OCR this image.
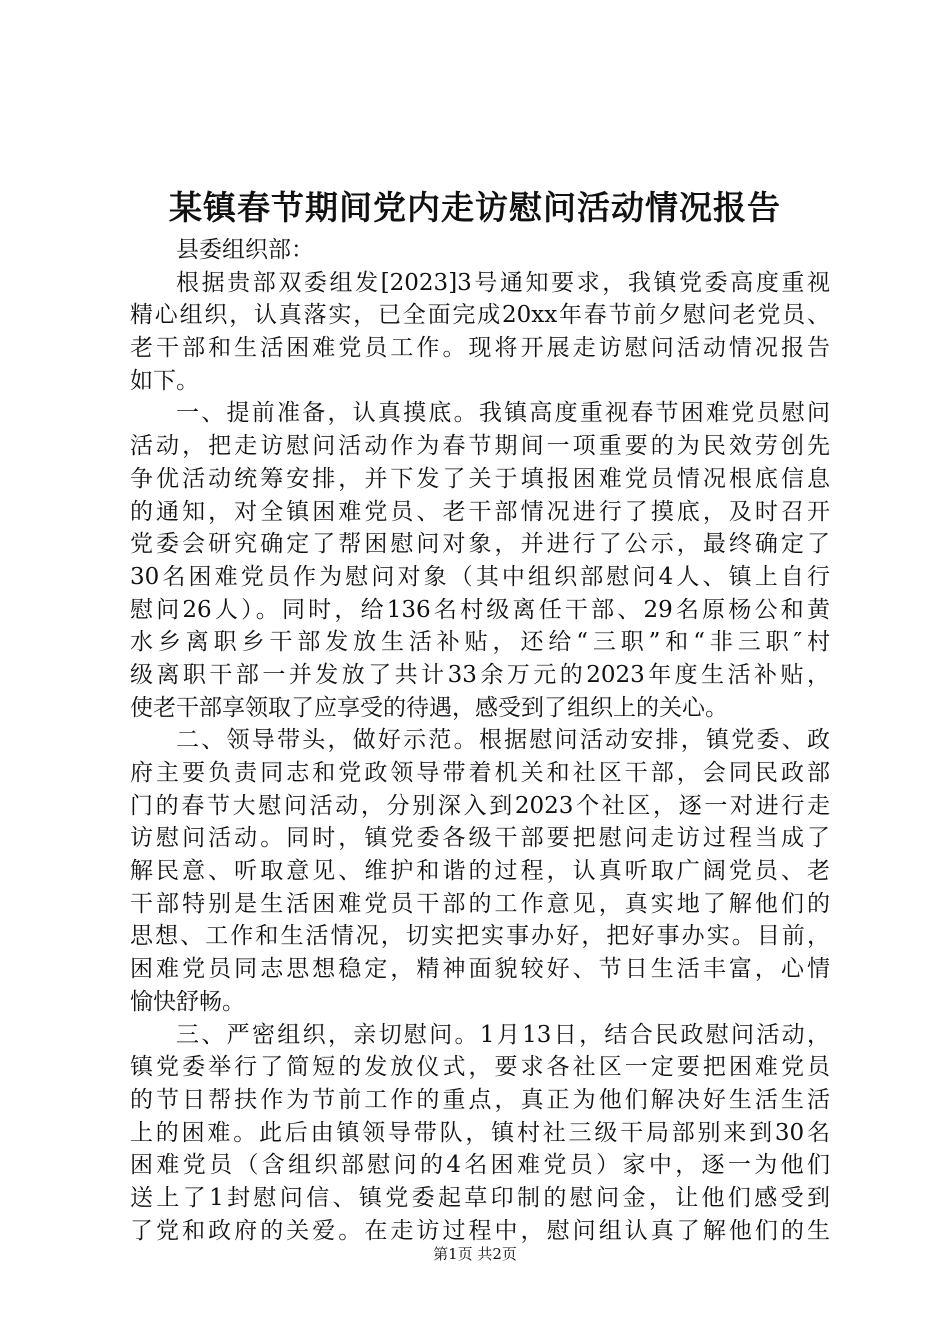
某镇春节期间党内走访慰问活动情况报告
县委组织部：
根据贵部双委组发[2023]3号通知要求，我镇党委高度重视
精心组织，认真落实，已全面完成20xx年春节前夕慰问老党员、
老干部和生活困难党员工作。现将开展走访慰问活动情况报告
如下。
一、提前准备，认真摸底。我镇高度重视春节困难党员慰问
活动，把走访慰问活动作为春节期间一项重要的为民效劳创先
争优活动统筹安排，并下发了关于填报困难党员情况根底信息
的通知，对全镇困难党员、老干部情况进行了摸底，及时召开
党委会研究确定了帮困慰问对象，并进行了公示，最终确定了
30名困难党员作为慰问对象（其中组织部慰问4人、镇上自行
慰问26人）。同时，给136名村级离任干部、29名原杨公和黄
水乡离职乡干部发放生活补贴，还给“三职”和“非三职″村
级离职干部一并发放了共计33余万元的2023年度生活补贴，
使老干部享领取了应享受的待遇，感受到了组织上的关心。
二、领导带头，做好示范。根据慰问活动安排，镇党委、政
府主要负责同志和党政领导带着机关和社区干部，会同民政部
门的春节大慰问活动，分别深入到2023个社区，逐一对进行走
访慰问活动。同时，镇党委各级干部要把慰问走访过程当成了
解民意、听取意见、维护和谐的过程，认真听取广阔党员、老
干部特别是生活困难党员干部的工作意见，真实地了解他们的
思想、工作和生活情况，切实把实事办好，把好事办实。目前，
困难党员同志思想稳定，精神面貌较好、节日生活丰富，心情
愉快舒畅。
三、严密组织，亲切慰问。1月13日，结合民政慰问活动，
镇党委举行了简短的发放仪式，要求各社区一定要把困难党员
的节日帮扶作为节前工作的重点，真正为他们解决好生活生活
上的困难。此后由镇领导带队，镇村社三级干局部别来到30名
困难党员（含组织部慰问的4名困难党员）家中，逐一为他们
送上了1封慰问信、镇党委起草印制的慰问金，让他们感受到
了党和政府的关爱。在走访过程中，慰问组认真了解他们的生
第1页 共2页
